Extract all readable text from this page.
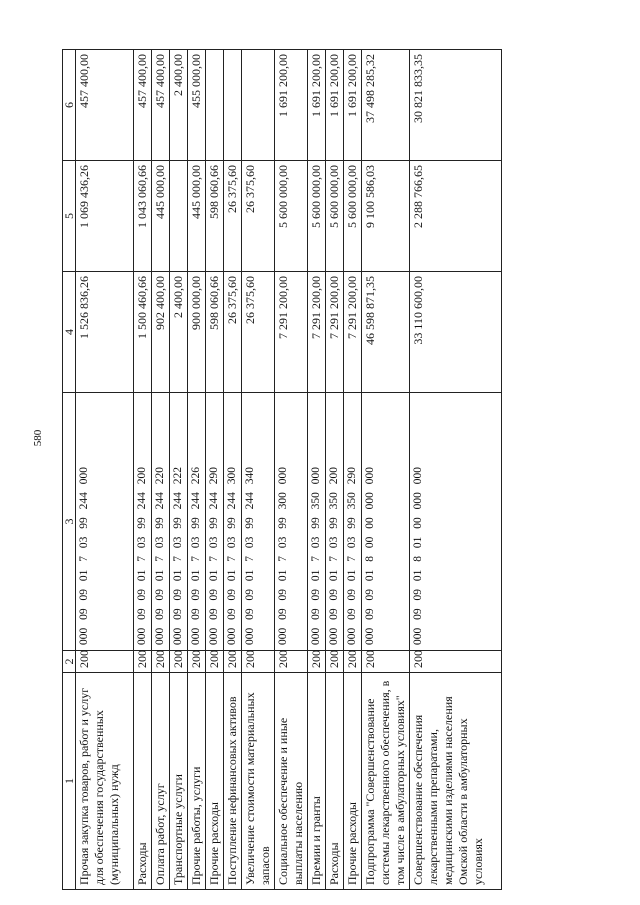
580
1	2	3	4	5	6
Прочая закупка товаров, работ и услуг для обеспечения государственных (муниципальных) нужд	200	000 09 09 01 7 03 99 244 000	1 526 836,26	1 069 436,26	457 400,00
Расходы	200	000 09 09 01 7 03 99 244 200	1 500 460,66	1 043 060,66	457 400,00
Оплата работ, услуг	200	000 09 09 01 7 03 99 244 220	902 400,00	445 000,00	457 400,00
Транспортные услуги	200	000 09 09 01 7 03 99 244 222	2 400,00		2 400,00
Прочие работы, услуги	200	000 09 09 01 7 03 99 244 226	900 000,00	445 000,00	455 000,00
Прочие расходы	200	000 09 09 01 7 03 99 244 290	598 060,66	598 060,66	
Поступление нефинансовых активов	200	000 09 09 01 7 03 99 244 300	26 375,60	26 375,60	
Увеличение стоимости материальных запасов	200	000 09 09 01 7 03 99 244 340	26 375,60	26 375,60	
Социальное обеспечение и иные выплаты населению	200	000 09 09 01 7 03 99 300 000	7 291 200,00	5 600 000,00	1 691 200,00
Премии и гранты	200	000 09 09 01 7 03 99 350 000	7 291 200,00	5 600 000,00	1 691 200,00
Расходы	200	000 09 09 01 7 03 99 350 200	7 291 200,00	5 600 000,00	1 691 200,00
Прочие расходы	200	000 09 09 01 7 03 99 350 290	7 291 200,00	5 600 000,00	1 691 200,00
Подпрограмма "Совершенствование системы лекарственного обеспечения, в том числе в амбулаторных условиях"	200	000 09 09 01 8 00 00 000 000	46 598 871,35	9 100 586,03	37 498 285,32
Совершенствование обеспечения лекарственными препаратами, медицинскими изделиями населения Омской области в амбулаторных условиях	200	000 09 09 01 8 01 00 000 000	33 110 600,00	2 288 766,65	30 821 833,35
